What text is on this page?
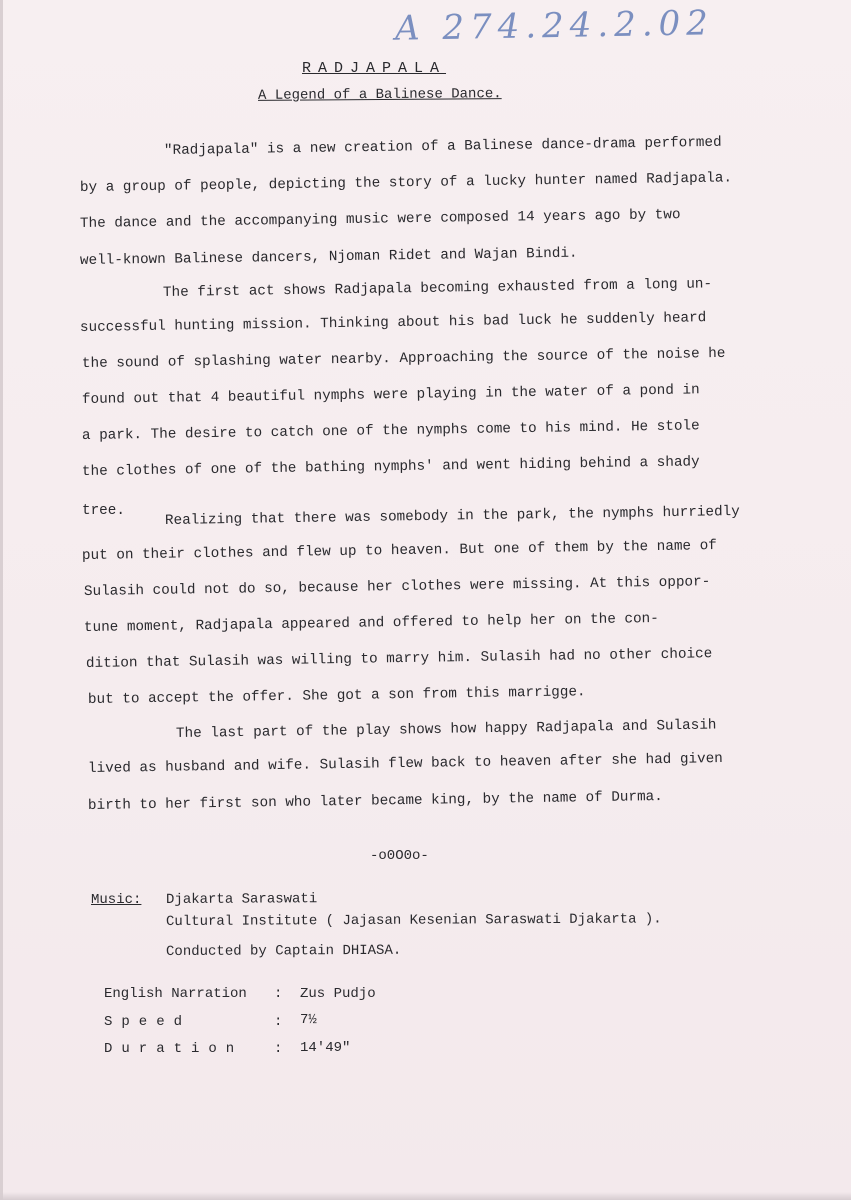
A 274.24.2.02
RADJAPALA
A Legend of a Balinese Dance.
"Radjapala" is a new creation of a Balinese dance-drama performed
by a group of people, depicting the story of a lucky hunter named Radjapala.
The dance and the accompanying music were composed 14 years ago by two
well-known Balinese dancers, Njoman Ridet and Wajan Bindi.
The first act shows Radjapala becoming exhausted from a long un-
successful hunting mission. Thinking about his bad luck he suddenly heard
the sound of splashing water nearby. Approaching the source of the noise he
found out that 4 beautiful nymphs were playing in the water of a pond in
a park. The desire to catch one of the nymphs come to his mind. He stole
the clothes of one of the bathing nymphs' and went hiding behind a shady
tree.	Realizing that there was somebody in the park, the nymphs hurriedly
put on their clothes and flew up to heaven. But one of them by the name of
Sulasih could not do so, because her clothes were missing. At this oppor-
tune moment, Radjapala appeared and offered to help her on the con-
dition that Sulasih was willing to marry him. Sulasih had no other choice
but to accept the offer. She got a son from this marrigge.
The last part of the play shows how happy Radjapala and Sulasih
lived as husband and wife. Sulasih flew back to heaven after she had given
birth to her first son who later became king, by the name of Durma.
-o0O0o-
Music: Djakarta Saraswati
Cultural Institute ( Jajasan Kesenian Saraswati Djakarta ).
Conducted by Captain DHIASA.
English Narration : Zus Pudjo
Speed	: 7½
Duration : 14'49"
